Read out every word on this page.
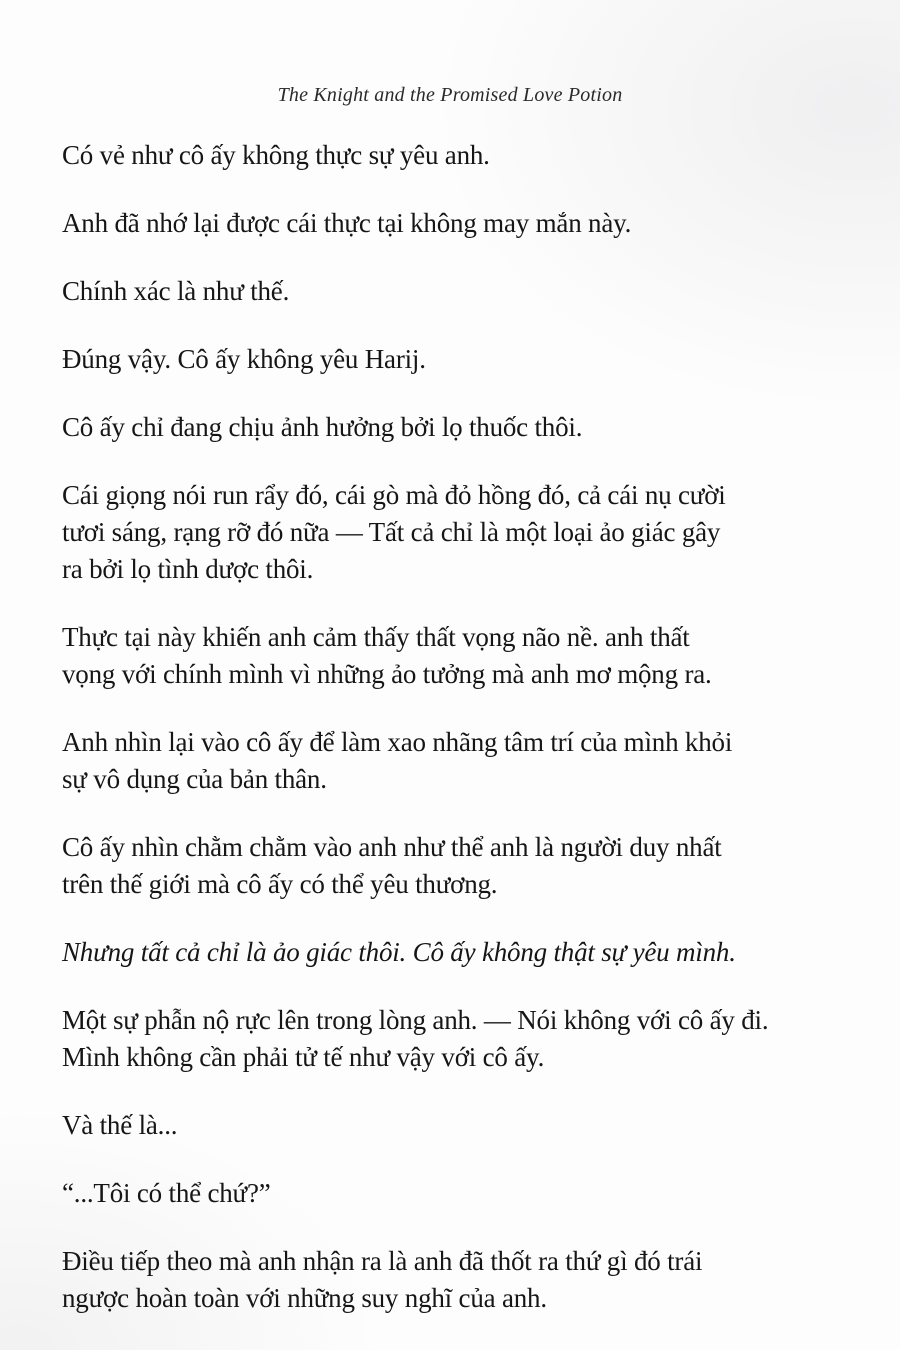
The Knight and the Promised Love Potion
Có vẻ như cô ấy không thực sự yêu anh.
Anh đã nhớ lại được cái thực tại không may mắn này.
Chính xác là như thế.
Đúng vậy. Cô ấy không yêu Harij.
Cô ấy chỉ đang chịu ảnh hưởng bởi lọ thuốc thôi.
Cái giọng nói run rẩy đó, cái gò mà đỏ hồng đó, cả cái nụ cười
tươi sáng, rạng rỡ đó nữa — Tất cả chỉ là một loại ảo giác gây
ra bởi lọ tình dược thôi.
Thực tại này khiến anh cảm thấy thất vọng não nề. anh thất
vọng với chính mình vì những ảo tưởng mà anh mơ mộng ra.
Anh nhìn lại vào cô ấy để làm xao nhãng tâm trí của mình khỏi
sự vô dụng của bản thân.
Cô ấy nhìn chằm chằm vào anh như thể anh là người duy nhất
trên thế giới mà cô ấy có thể yêu thương.
Nhưng tất cả chỉ là ảo giác thôi. Cô ấy không thật sự yêu mình.
Một sự phẫn nộ rực lên trong lòng anh. — Nói không với cô ấy đi.
Mình không cần phải tử tế như vậy với cô ấy.
Và thế là...
“...Tôi có thể chứ?”
Điều tiếp theo mà anh nhận ra là anh đã thốt ra thứ gì đó trái
ngược hoàn toàn với những suy nghĩ của anh.
